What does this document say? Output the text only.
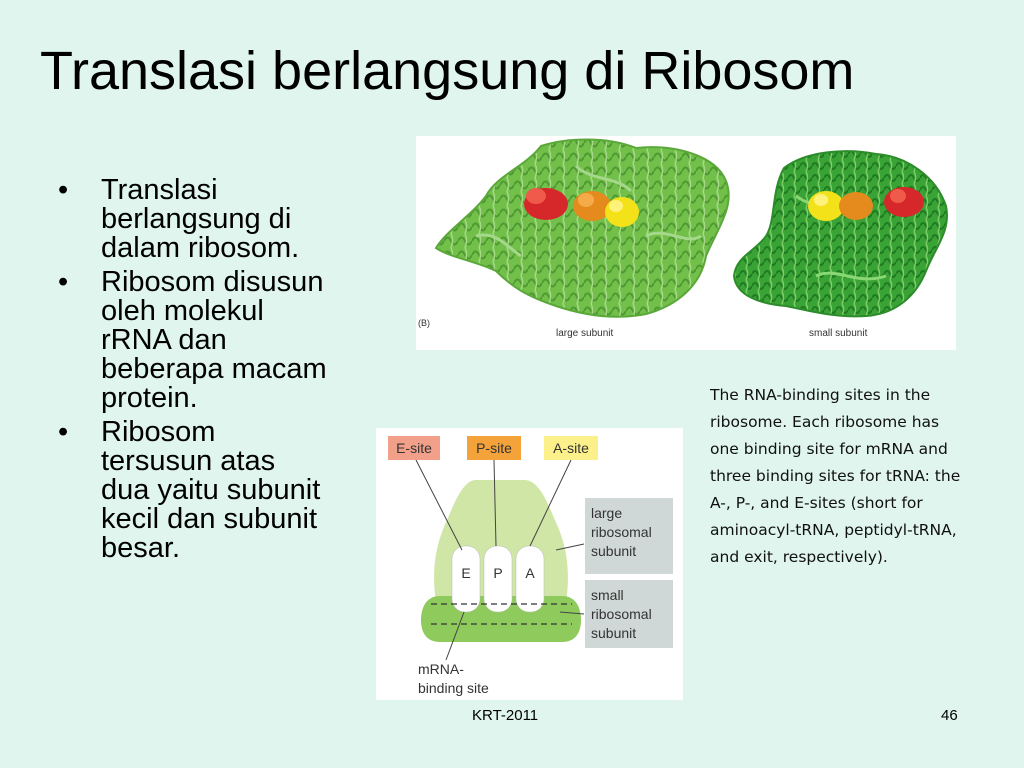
Translasi berlangsung di Ribosom
• Translasi berlangsung di dalam ribosom.
• Ribosom disusun oleh molekul rRNA dan beberapa macam protein.
• Ribosom tersusun atas dua yaitu subunit kecil dan subunit besar.
(B)
large subunit	small subunit
E-site	P-site	A-site
E P A
large
ribosomal
subunit
small
ribosomal
subunit
mRNA-
binding site
The RNA-binding sites in the ribosome. Each ribosome has one binding site for mRNA and three binding sites for tRNA: the A-, P-, and E-sites (short for aminoacyl-tRNA, peptidyl-tRNA, and exit, respectively).
KRT-2011	46
